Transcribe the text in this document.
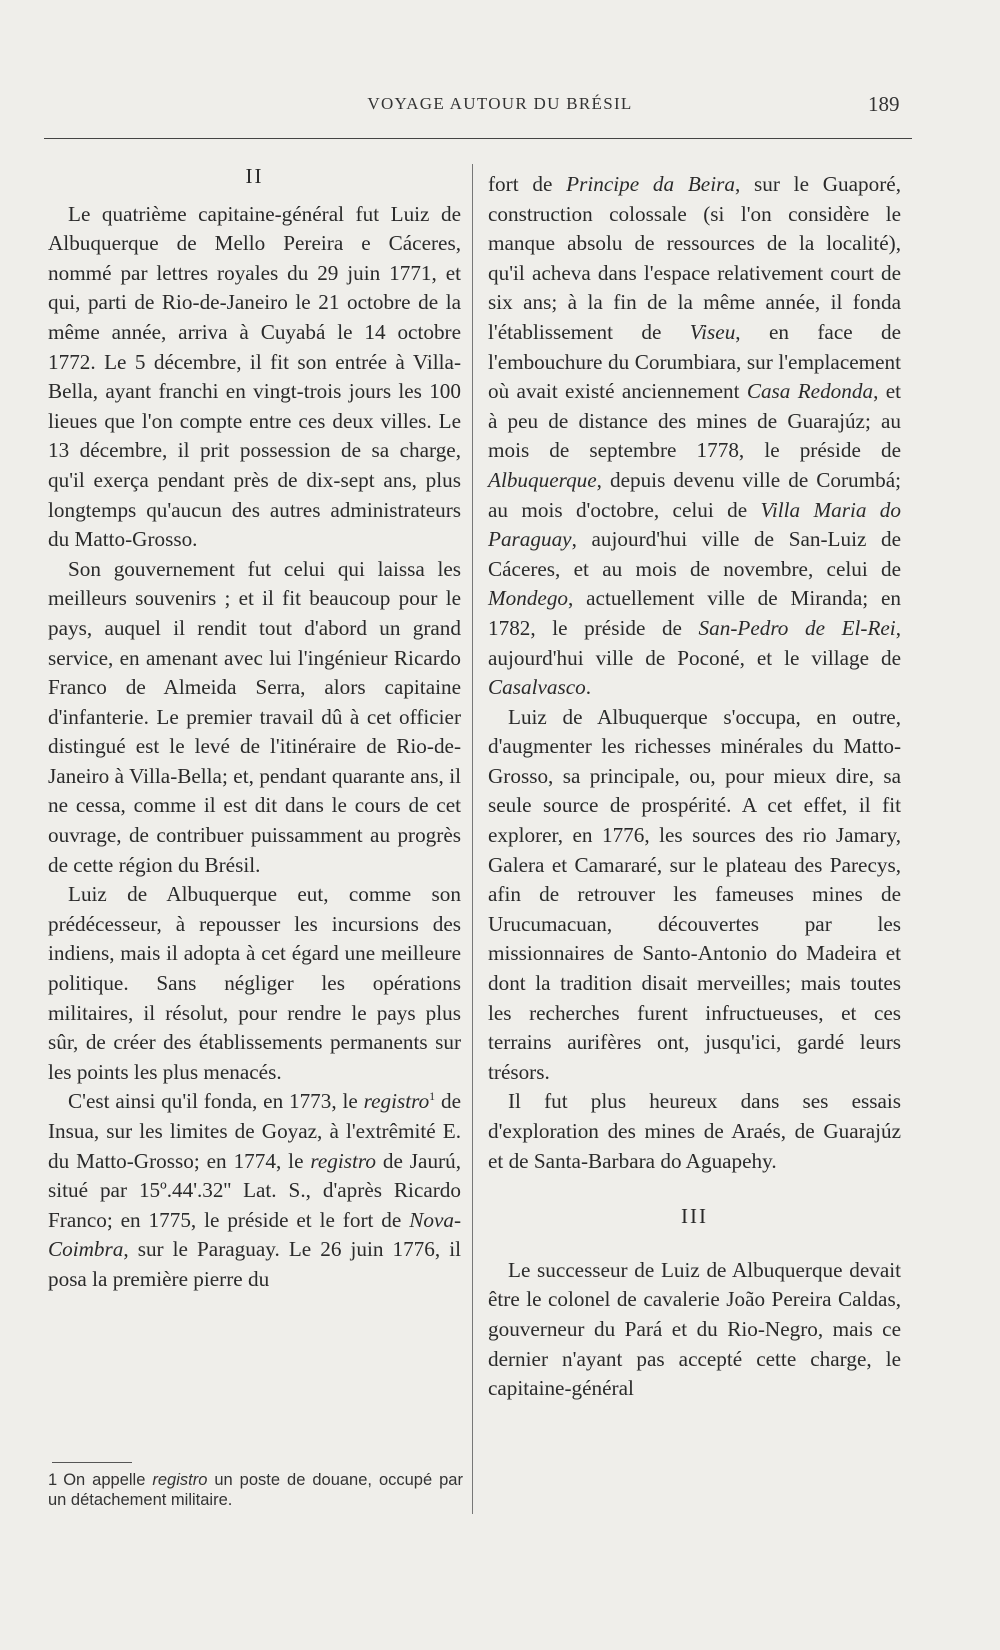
VOYAGE AUTOUR DU BRÉSIL	189
II

Le quatrième capitaine-général fut Luiz de Albuquerque de Mello Pereira e Cáceres, nommé par lettres royales du 29 juin 1771, et qui, parti de Rio-de-Janeiro le 21 octobre de la même année, arriva à Cuyabá le 14 octobre 1772. Le 5 décembre, il fit son entrée à Villa-Bella, ayant franchi en vingt-trois jours les 100 lieues que l'on compte entre ces deux villes. Le 13 décembre, il prit possession de sa charge, qu'il exerça pendant près de dix-sept ans, plus longtemps qu'aucun des autres administrateurs du Matto-Grosso.

Son gouvernement fut celui qui laissa les meilleurs souvenirs ; et il fit beaucoup pour le pays, auquel il rendit tout d'abord un grand service, en amenant avec lui l'ingénieur Ricardo Franco de Almeida Serra, alors capitaine d'infanterie. Le premier travail dû à cet officier distingué est le levé de l'itinéraire de Rio-de-Janeiro à Villa-Bella; et, pendant quarante ans, il ne cessa, comme il est dit dans le cours de cet ouvrage, de contribuer puissamment au progrès de cette région du Brésil.

Luiz de Albuquerque eut, comme son prédécesseur, à repousser les incursions des indiens, mais il adopta à cet égard une meilleure politique. Sans négliger les opérations militaires, il résolut, pour rendre le pays plus sûr, de créer des établissements permanents sur les points les plus menacés.

C'est ainsi qu'il fonda, en 1773, le registro$^1$ de Insua, sur les limites de Goyaz, à l'extrêmité E. du Matto-Grosso; en 1774, le registro de Jaurú, situé par 15º.44'.32'' Lat. S., d'après Ricardo Franco; en 1775, le préside et le fort de Nova-Coimbra, sur le Paraguay. Le 26 juin 1776, il posa la première pierre du

fort de Principe da Beira, sur le Guaporé, construction colossale (si l'on considère le manque absolu de ressources de la localité), qu'il acheva dans l'espace relativement court de six ans; à la fin de la même année, il fonda l'établissement de Viseu, en face de l'embouchure du Corumbiara, sur l'emplacement où avait existé anciennement Casa Redonda, et à peu de distance des mines de Guarajúz; au mois de septembre 1778, le préside de Albuquerque, depuis devenu ville de Corumbá; au mois d'octobre, celui de Villa Maria do Paraguay, aujourd'hui ville de San-Luiz de Cáceres, et au mois de novembre, celui de Mondego, actuellement ville de Miranda; en 1782, le préside de San-Pedro de El-Rei, aujourd'hui ville de Poconé, et le village de Casalvasco.

Luiz de Albuquerque s'occupa, en outre, d'augmenter les richesses minérales du Matto-Grosso, sa principale, ou, pour mieux dire, sa seule source de prospérité. A cet effet, il fit explorer, en 1776, les sources des rio Jamary, Galera et Camararé, sur le plateau des Parecys, afin de retrouver les fameuses mines de Urucumacuan, découvertes par les missionnaires de Santo-Antonio do Madeira et dont la tradition disait merveilles; mais toutes les recherches furent infructueuses, et ces terrains aurifères ont, jusqu'ici, gardé leurs trésors.

Il fut plus heureux dans ses essais d'exploration des mines de Araés, de Guarajúz et de Santa-Barbara do Aguapehy.

III

Le successeur de Luiz de Albuquerque devait être le colonel de cavalerie João Pereira Caldas, gouverneur du Pará et du Rio-Negro, mais ce dernier n'ayant pas accepté cette charge, le capitaine-général

1 On appelle registro un poste de douane, occupé par un détachement militaire.
